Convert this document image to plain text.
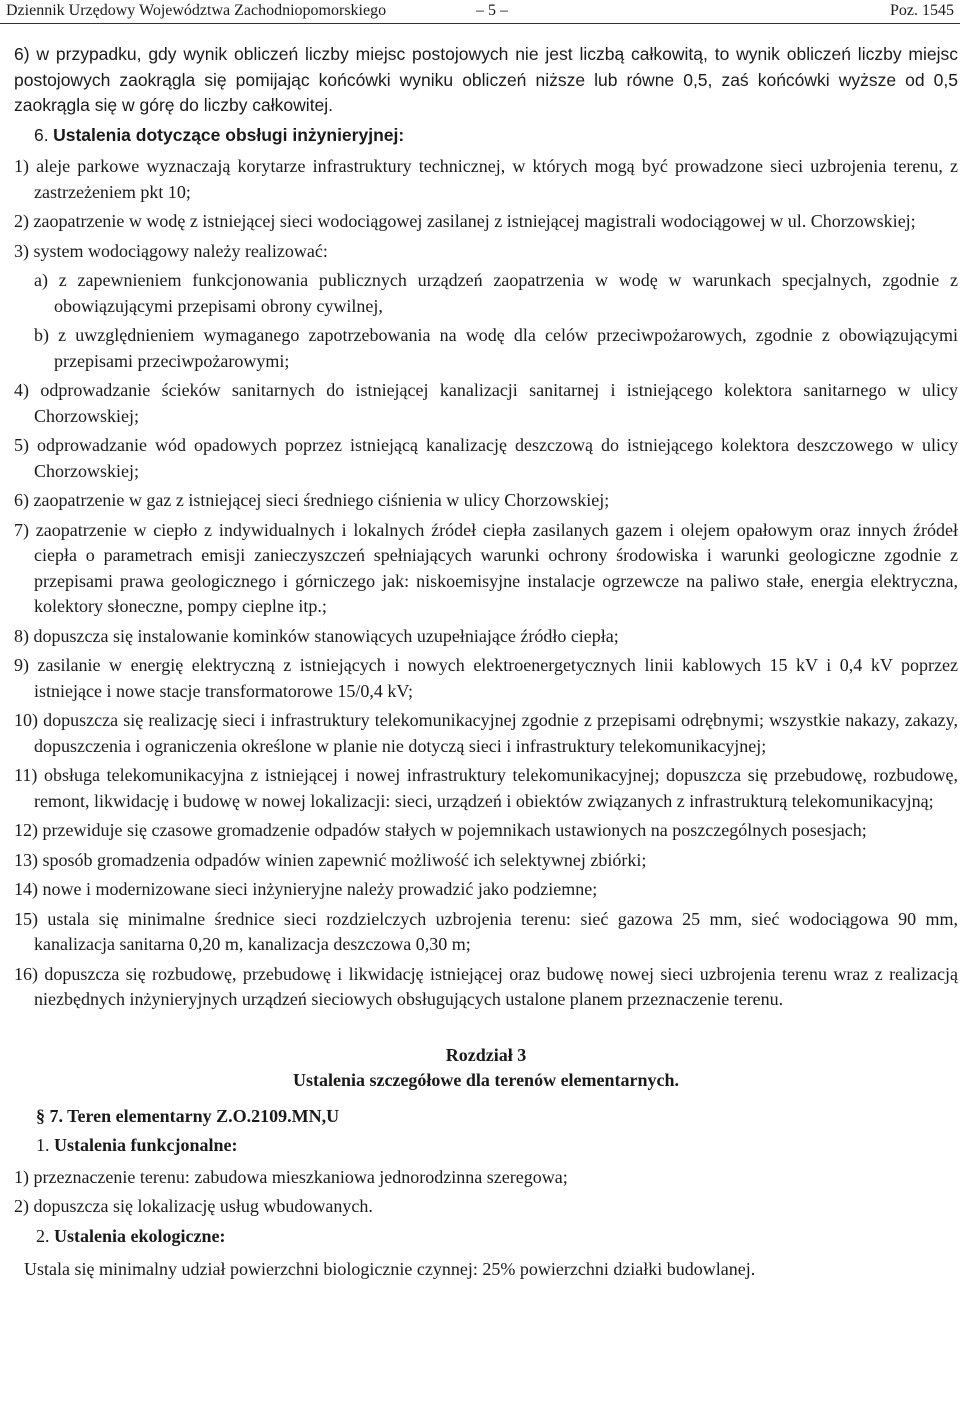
Dziennik Urzędowy Województwa Zachodniopomorskiego	– 5 –	Poz. 1545

6) w przypadku, gdy wynik obliczeń liczby miejsc postojowych nie jest liczbą całkowitą, to wynik obliczeń liczby miejsc postojowych zaokrągla się pomijając końcówki wyniku obliczeń niższe lub równe 0,5, zaś końcówki wyższe od 0,5 zaokrągla się w górę do liczby całkowitej.

6. Ustalenia dotyczące obsługi inżynieryjnej:

1) aleje parkowe wyznaczają korytarze infrastruktury technicznej, w których mogą być prowadzone sieci uzbrojenia terenu, z zastrzeżeniem pkt 10;

2) zaopatrzenie w wodę z istniejącej sieci wodociągowej zasilanej z istniejącej magistrali wodociągowej w ul. Chorzowskiej;

3) system wodociągowy należy realizować:

a) z zapewnieniem funkcjonowania publicznych urządzeń zaopatrzenia w wodę w warunkach specjalnych, zgodnie z obowiązującymi przepisami obrony cywilnej,

b) z uwzględnieniem wymaganego zapotrzebowania na wodę dla celów przeciwpożarowych, zgodnie z obowiązującymi przepisami przeciwpożarowymi;

4) odprowadzanie ścieków sanitarnych do istniejącej kanalizacji sanitarnej i istniejącego kolektora sanitarnego w ulicy Chorzowskiej;

5) odprowadzanie wód opadowych poprzez istniejącą kanalizację deszczową do istniejącego kolektora deszczowego w ulicy Chorzowskiej;

6) zaopatrzenie w gaz z istniejącej sieci średniego ciśnienia w ulicy Chorzowskiej;

7) zaopatrzenie w ciepło z indywidualnych i lokalnych źródeł ciepła zasilanych gazem i olejem opałowym oraz innych źródeł ciepła o parametrach emisji zanieczyszczeń spełniających warunki ochrony środowiska i warunki geologiczne zgodnie z przepisami prawa geologicznego i górniczego jak: niskoemisyjne instalacje ogrzewcze na paliwo stałe, energia elektryczna, kolektory słoneczne, pompy cieplne itp.;

8) dopuszcza się instalowanie kominków stanowiących uzupełniające źródło ciepła;

9) zasilanie w energię elektryczną z istniejących i nowych elektroenergetycznych linii kablowych 15 kV i 0,4 kV poprzez istniejące i nowe stacje transformatorowe 15/0,4 kV;

10) dopuszcza się realizację sieci i infrastruktury telekomunikacyjnej zgodnie z przepisami odrębnymi; wszystkie nakazy, zakazy, dopuszczenia i ograniczenia określone w planie nie dotyczą sieci i infrastruktury telekomunikacyjnej;

11) obsługa telekomunikacyjna z istniejącej i nowej infrastruktury telekomunikacyjnej; dopuszcza się przebudowę, rozbudowę, remont, likwidację i budowę w nowej lokalizacji: sieci, urządzeń i obiektów związanych z infrastrukturą telekomunikacyjną;

12) przewiduje się czasowe gromadzenie odpadów stałych w pojemnikach ustawionych na poszczególnych posesjach;

13) sposób gromadzenia odpadów winien zapewnić możliwość ich selektywnej zbiórki;

14) nowe i modernizowane sieci inżynieryjne należy prowadzić jako podziemne;

15) ustala się minimalne średnice sieci rozdzielczych uzbrojenia terenu: sieć gazowa 25 mm, sieć wodociągowa 90 mm, kanalizacja sanitarna 0,20 m, kanalizacja deszczowa 0,30 m;

16) dopuszcza się rozbudowę, przebudowę i likwidację istniejącej oraz budowę nowej sieci uzbrojenia terenu wraz z realizacją niezbędnych inżynieryjnych urządzeń sieciowych obsługujących ustalone planem przeznaczenie terenu.

Rozdział 3

Ustalenia szczegółowe dla terenów elementarnych.

§ 7. Teren elementarny Z.O.2109.MN,U

1. Ustalenia funkcjonalne:

1) przeznaczenie terenu: zabudowa mieszkaniowa jednorodzinna szeregowa;

2) dopuszcza się lokalizację usług wbudowanych.

2. Ustalenia ekologiczne:

Ustala się minimalny udział powierzchni biologicznie czynnej: 25% powierzchni działki budowlanej.
